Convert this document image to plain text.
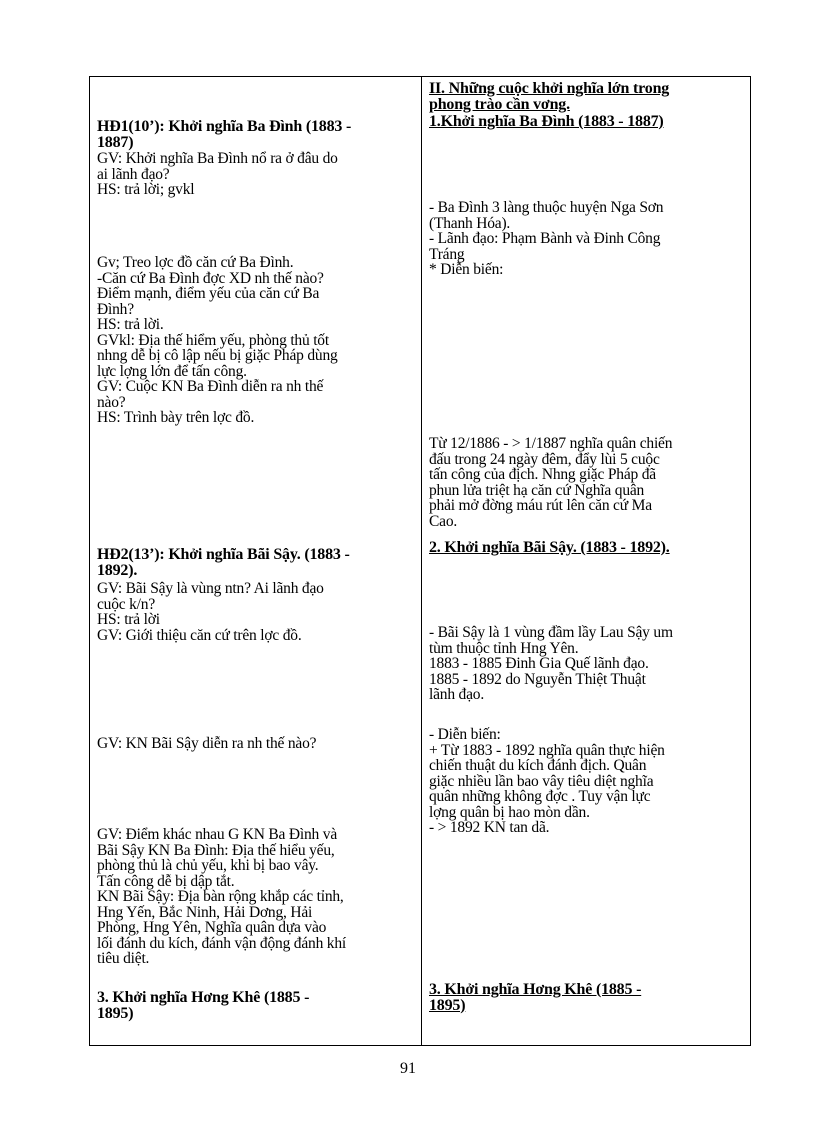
HĐ1(10’): Khởi nghĩa Ba Đình (1883 -
1887)
GV: Khởi nghĩa Ba Đình nổ ra ở đâu do
ai lãnh đạo?
HS: trả lời; gvkl
Gv; Treo lợc đồ căn cứ Ba Đình.
-Căn cứ Ba Đình đợc XD nh thế nào?
Điểm mạnh, điểm yếu của căn cứ Ba
Đình?
HS: trả lời.
GVkl: Địa thế hiểm yếu, phòng thủ tốt
nhng dễ bị cô lập nếu bị giặc Pháp dùng
lực lợng lớn để tấn công.
GV: Cuộc KN Ba Đình diễn ra nh thế
nào?
HS: Trình bày trên lợc đồ.
HĐ2(13’): Khởi nghĩa Bãi Sậy. (1883 -
1892).
GV: Bãi Sậy là vùng ntn? Ai lãnh đạo
cuộc k/n?
HS: trả lời
GV: Giới thiệu căn cứ trên lợc đồ.
GV: KN Bãi Sậy diễn ra nh thế nào?
GV: Điểm khác nhau G KN Ba Đình và
Bãi Sậy KN Ba Đình: Địa thế hiểu yếu,
phòng thủ là chủ yếu, khi bị bao vây.
Tấn công dễ bị dập tắt.
KN Bãi Sậy: Địa bàn rộng khắp các tỉnh,
Hng Yến, Bắc Ninh, Hải Dơng, Hải
Phòng, Hng Yên, Nghĩa quân dựa vào
lối đánh du kích, đánh vận động đánh khí
tiêu diệt.
3. Khởi nghĩa Hơng Khê (1885 -
1895)
II. Những cuộc khởi nghĩa lớn trong
phong trào cần vơng.
1.Khởi nghĩa Ba Đình (1883 - 1887)
- Ba Đình 3 làng thuộc huyện Nga Sơn
(Thanh Hóa).
- Lãnh đạo: Phạm Bành và Đinh Công
Tráng
* Diễn biến:
Từ 12/1886 - > 1/1887 nghĩa quân chiến
đấu trong 24 ngày đêm, đẩy lùi 5 cuộc
tấn công của địch. Nhng giặc Pháp đã
phun lửa triệt hạ căn cứ Nghĩa quân
phải mở đờng máu rút lên căn cứ Ma
Cao.
2. Khởi nghĩa Bãi Sậy. (1883 - 1892).
- Bãi Sậy là 1 vùng đầm lầy Lau Sậy um
tùm thuộc tỉnh Hng Yên.
1883 - 1885 Đinh Gia Quế lãnh đạo.
1885 - 1892 do Nguyễn Thiệt Thuật
lãnh đạo.
- Diễn biến:
+ Từ 1883 - 1892 nghĩa quân thực hiện
chiến thuật du kích đánh địch. Quân
giặc nhiều lần bao vây tiêu diệt nghĩa
quân những không đợc . Tuy vận lực
lợng quân bị hao mòn dần.
- > 1892 KN tan dã.
3. Khởi nghĩa Hơng Khê (1885 -
1895)
91
